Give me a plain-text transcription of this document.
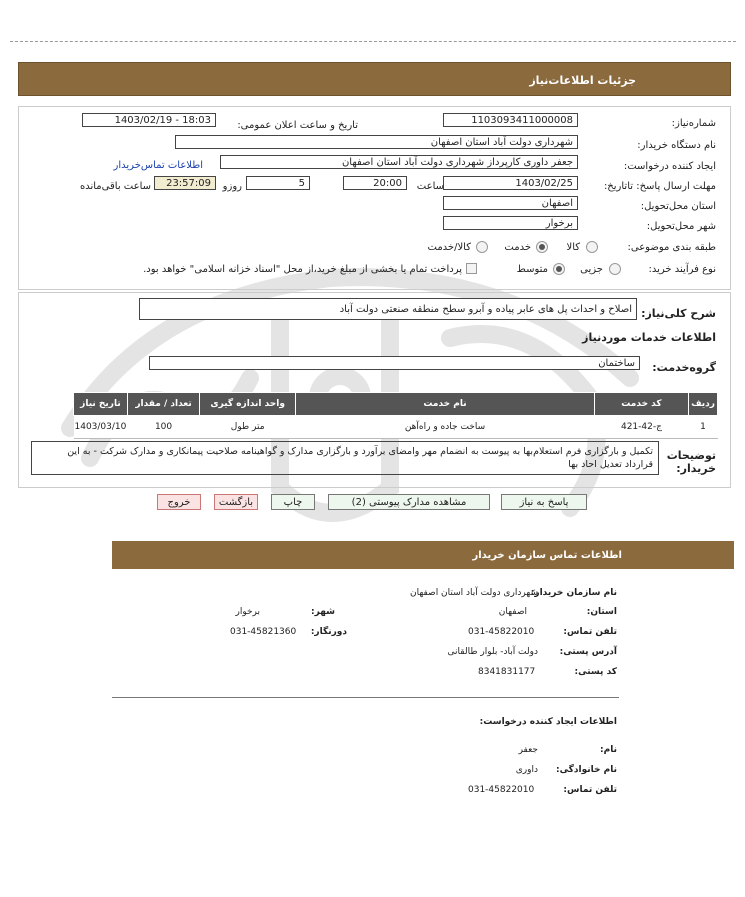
جزئیات اطلاعات‌نیاز
شماره‌نیاز:
1103093411000008
تاریخ و ساعت اعلان عمومی:
1403/02/19 - 18:03
نام دستگاه خریدار:
شهرداری دولت آباد استان اصفهان
ایجاد کننده درخواست:
جعفر داوری کارپرداز شهرداری دولت آباد استان اصفهان
اطلاعات تماس‌خریدار
مهلت ارسال پاسخ: تاتاریخ:
1403/02/25
ساعت
20:00
5
روزو
23:57:09
ساعت باقی‌مانده
استان محل‌تحویل:
اصفهان
شهر محل‌تحویل:
برخوار
طبقه بندی موضوعی:
کالا
خدمت
کالا/خدمت
نوع فرآیند خرید:
جزیی
متوسط
پرداخت تمام یا بخشی از مبلغ خرید،از محل "اسناد خزانه اسلامی" خواهد بود.
شرح کلی‌نیاز:
اصلاح و احداث پل های عابر پیاده و آبرو سطح منطقه صنعتی دولت آباد
اطلاعات خدمات موردنیاز
گروه‌خدمت:
ساختمان
ردیف	کد خدمت	نام خدمت	واحد اندازه گیری	تعداد / مقدار	تاریخ نیاز
1	ج-42-421	ساخت جاده و راه‌آهن	متر طول	100	1403/03/10
توضیحات خریدار:
تکمیل و بارگزاری فرم استعلام‌بها به پیوست به انضمام مهر وامضای برآورد و بارگزاری مدارک و گواهینامه صلاحیت پیمانکاری و مدارک شرکت - به این قرارداد تعدیل احاد بها
پاسخ به نیاز
مشاهده مدارک پیوستی (2)
چاپ
بازگشت
خروج
اطلاعات تماس سازمان خریدار
نام سازمان خریدار:
شهرداری دولت آباد استان اصفهان
استان:
اصفهان
شهر:
برخوار
تلفن تماس:
031-45822010
دورنگار:
031-45821360
آدرس پستی:
دولت آباد- بلوار طالقانی
کد پستی:
8341831177
اطلاعات ایجاد کننده درخواست:
نام:
جعفر
نام خانوادگی:
داوری
تلفن تماس:
031-45822010
